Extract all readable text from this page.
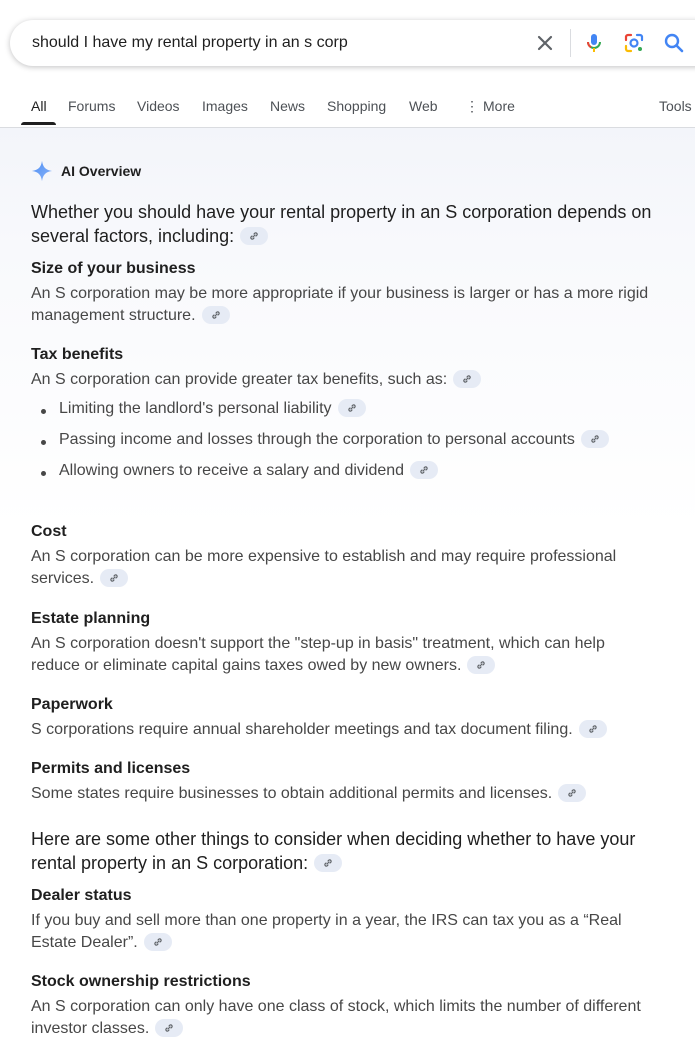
should I have my rental property in an s corp
All Forums Videos Images News Shopping Web ⋮ More	Tools
AI Overview
Whether you should have your rental property in an S corporation depends on
several factors, including:
Size of your business
An S corporation may be more appropriate if your business is larger or has a more rigid
management structure.
Tax benefits
An S corporation can provide greater tax benefits, such as:
Limiting the landlord's personal liability
Passing income and losses through the corporation to personal accounts
Allowing owners to receive a salary and dividend
Cost
An S corporation can be more expensive to establish and may require professional
services.
Estate planning
An S corporation doesn't support the "step-up in basis" treatment, which can help
reduce or eliminate capital gains taxes owed by new owners.
Paperwork
S corporations require annual shareholder meetings and tax document filing.
Permits and licenses
Some states require businesses to obtain additional permits and licenses.
Here are some other things to consider when deciding whether to have your
rental property in an S corporation:
Dealer status
If you buy and sell more than one property in a year, the IRS can tax you as a “Real
Estate Dealer”.
Stock ownership restrictions
An S corporation can only have one class of stock, which limits the number of different
investor classes.
